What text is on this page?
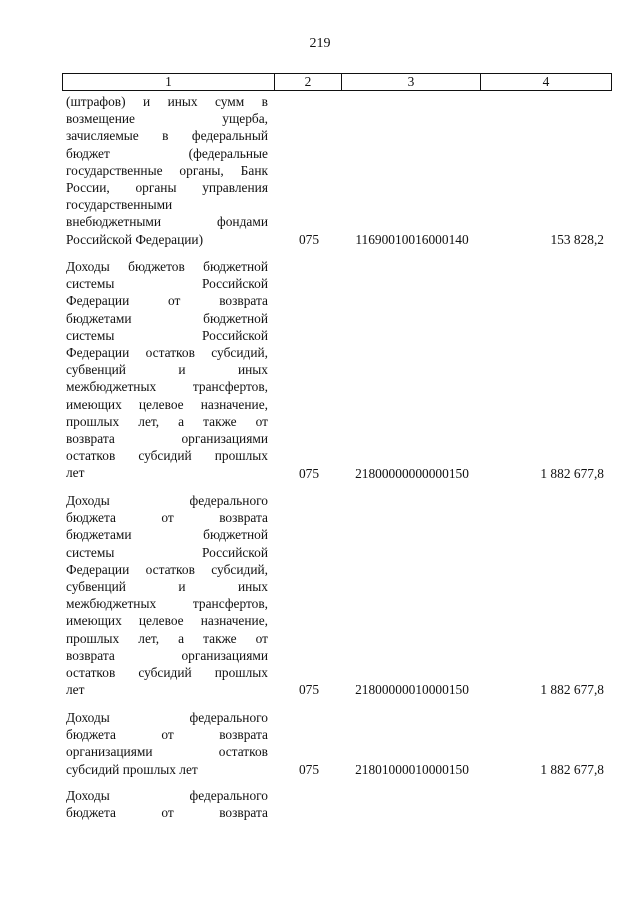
219
1	2	3	4
(штрафов) и иных сумм в
возмещение ущерба,
зачисляемые в федеральный
бюджет (федеральные
государственные органы, Банк
России, органы управления
государственными
внебюджетными фондами
Российской Федерации)	075	11690010016000140	153 828,2
Доходы бюджетов бюджетной
системы Российской
Федерации от возврата
бюджетами бюджетной
системы Российской
Федерации остатков субсидий,
субвенций и иных
межбюджетных трансфертов,
имеющих целевое назначение,
прошлых лет, а также от
возврата организациями
остатков субсидий прошлых
лет	075	21800000000000150	1 882 677,8
Доходы федерального
бюджета от возврата
бюджетами бюджетной
системы Российской
Федерации остатков субсидий,
субвенций и иных
межбюджетных трансфертов,
имеющих целевое назначение,
прошлых лет, а также от
возврата организациями
остатков субсидий прошлых
лет	075	21800000010000150	1 882 677,8
Доходы федерального
бюджета от возврата
организациями остатков
субсидий прошлых лет	075	21801000010000150	1 882 677,8
Доходы федерального
бюджета от возврата
